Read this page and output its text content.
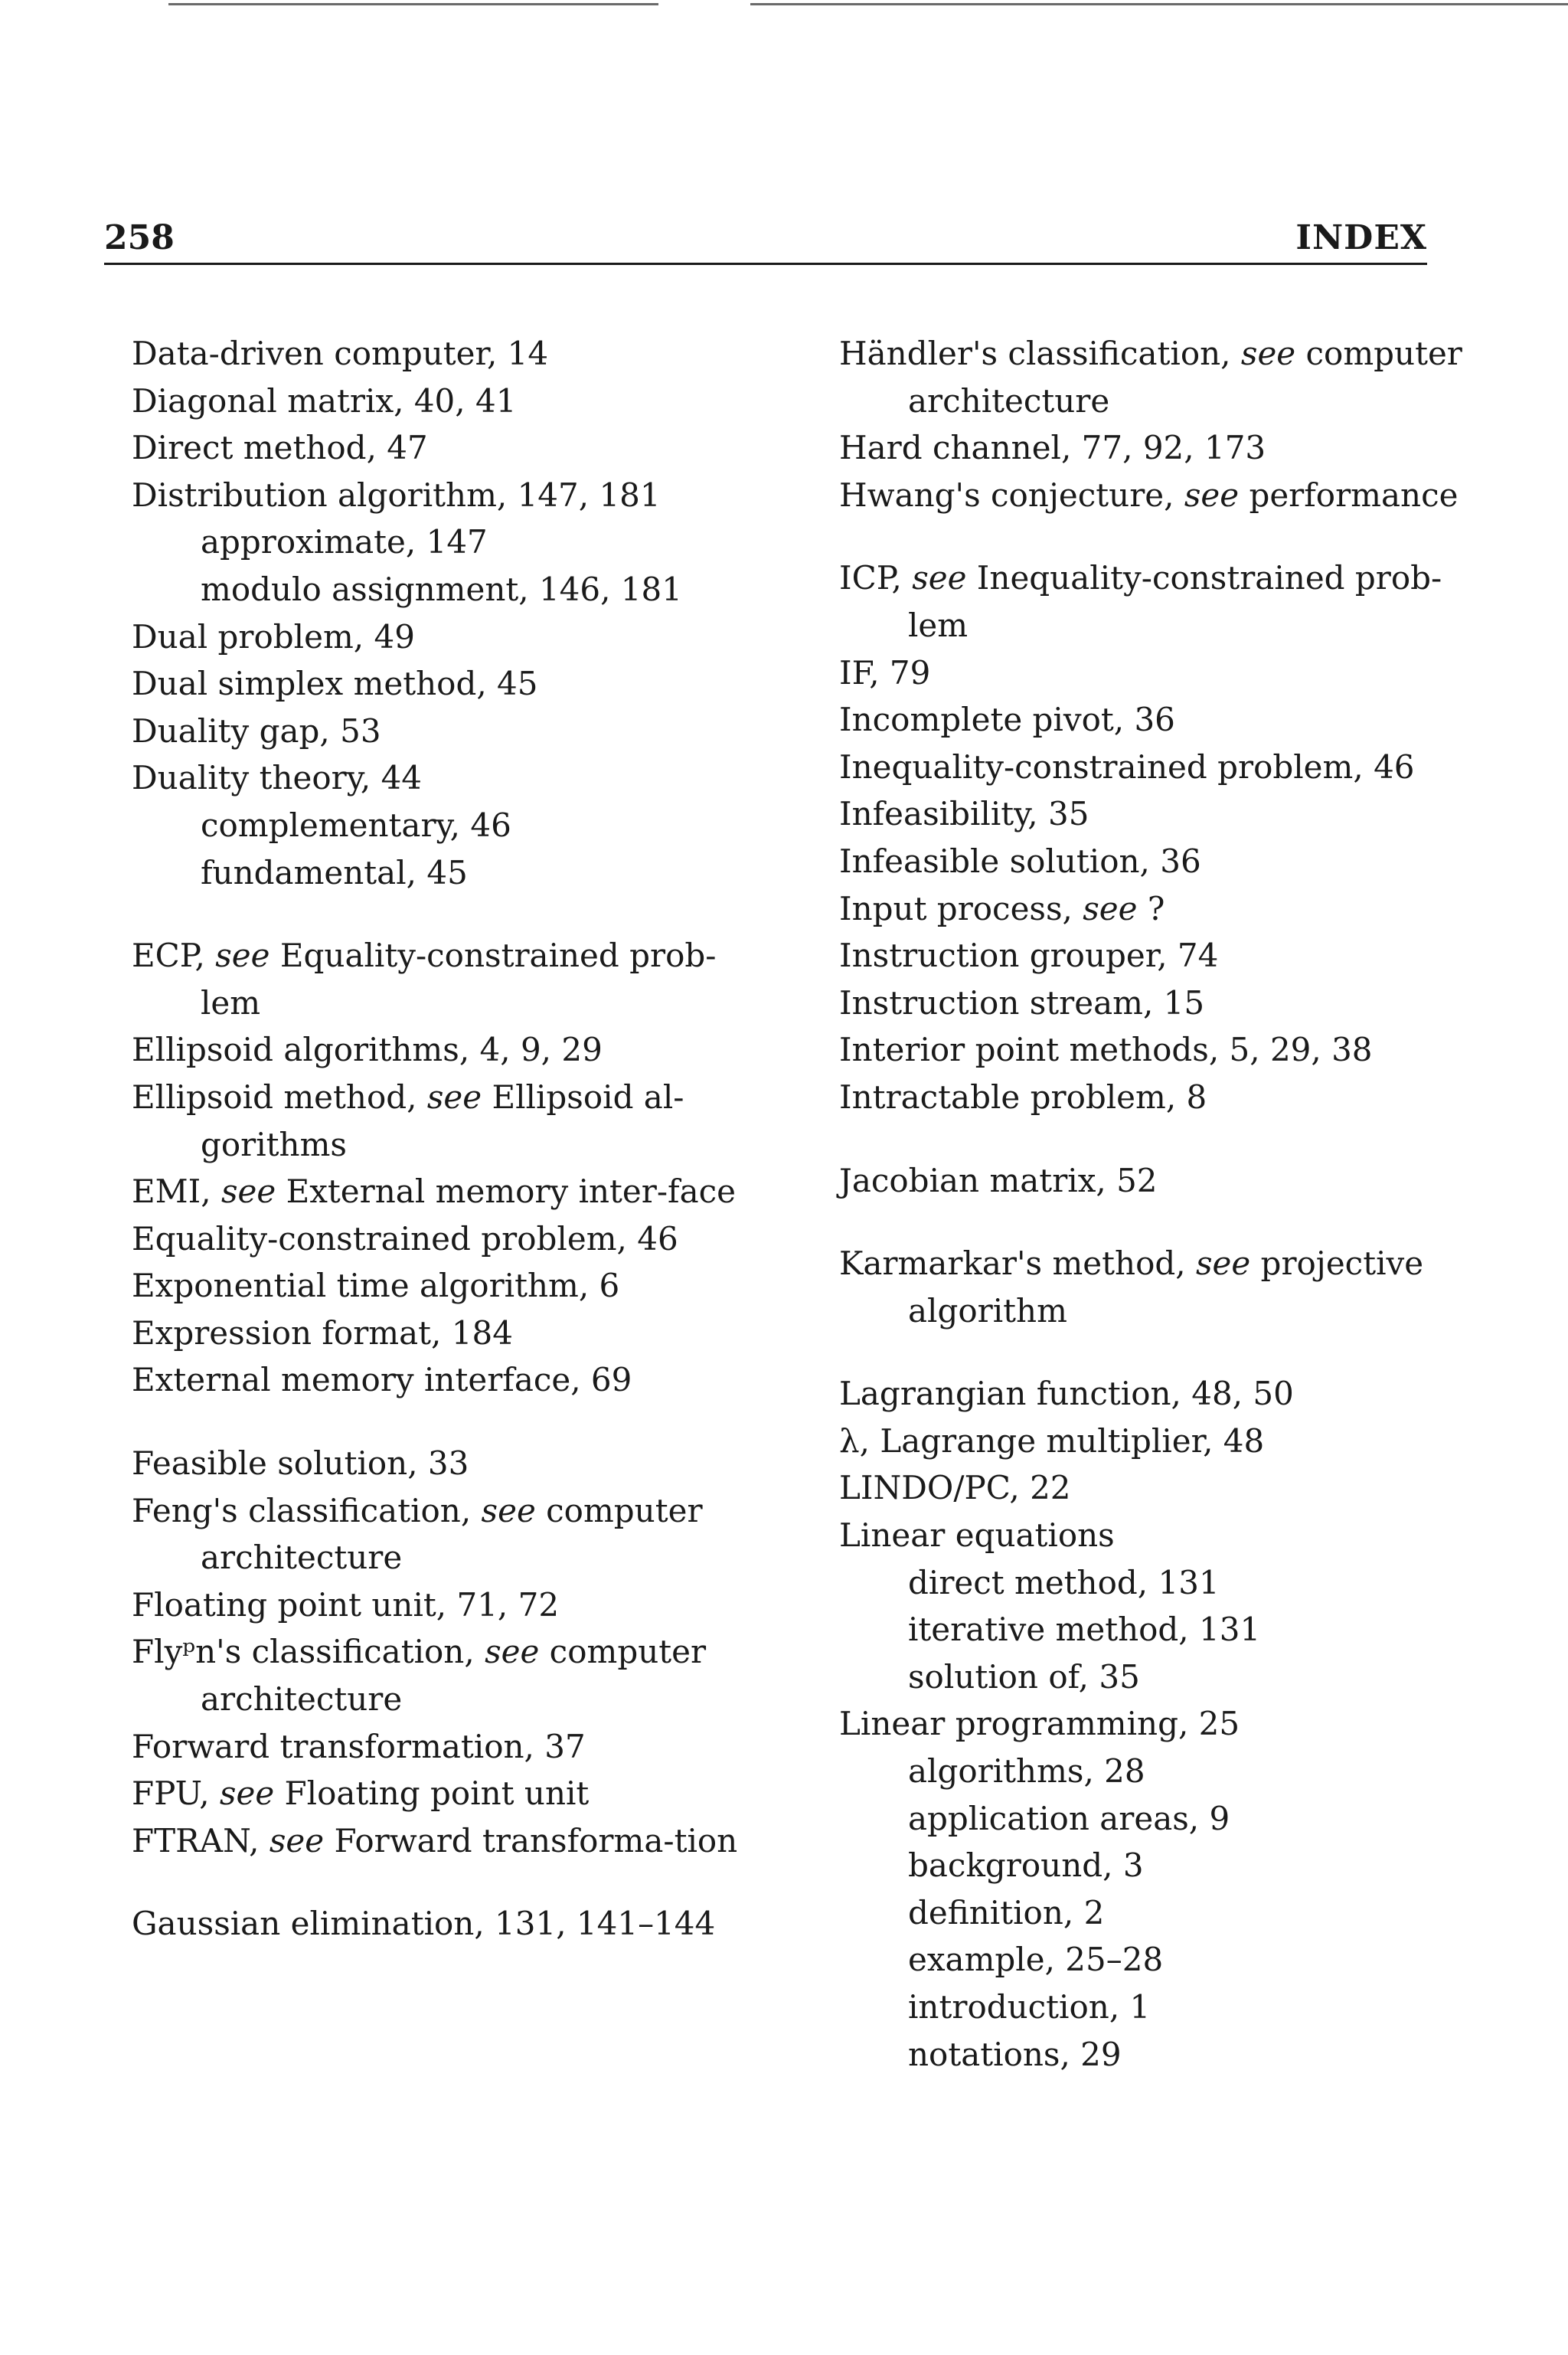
258	INDEX

Data-driven computer, 14

Diagonal matrix, 40, 41

Direct method, 47

Distribution algorithm, 147, 181

approximate, 147

modulo assignment, 146, 181

Dual problem, 49

Dual simplex method, 45

Duality gap, 53

Duality theory, 44

complementary, 46

fundamental, 45

ECP, see Equality-constrained prob-lem

Ellipsoid algorithms, 4, 9, 29

Ellipsoid method, see Ellipsoid al-gorithms

EMI, see External memory inter-face

Equality-constrained problem, 46

Exponential time algorithm, 6

Expression format, 184

External memory interface, 69

Feasible solution, 33

Feng's classification, see computer architecture

Floating point unit, 71, 72

Flyᵖn's classification, see computer architecture

Forward transformation, 37

FPU, see Floating point unit

FTRAN, see Forward transforma-tion

Gaussian elimination, 131, 141–144

Händler's classification, see computer architecture

Hard channel, 77, 92, 173

Hwang's conjecture, see performance

ICP, see Inequality-constrained prob-lem

IF, 79

Incomplete pivot, 36

Inequality-constrained problem, 46

Infeasibility, 35

Infeasible solution, 36

Input process, see ?

Instruction grouper, 74

Instruction stream, 15

Interior point methods, 5, 29, 38

Intractable problem, 8

Jacobian matrix, 52

Karmarkar's method, see projective algorithm

Lagrangian function, 48, 50

λ, Lagrange multiplier, 48

LINDO/PC, 22

Linear equations

direct method, 131

iterative method, 131

solution of, 35

Linear programming, 25

algorithms, 28

application areas, 9

background, 3

definition, 2

example, 25–28

introduction, 1

notations, 29
